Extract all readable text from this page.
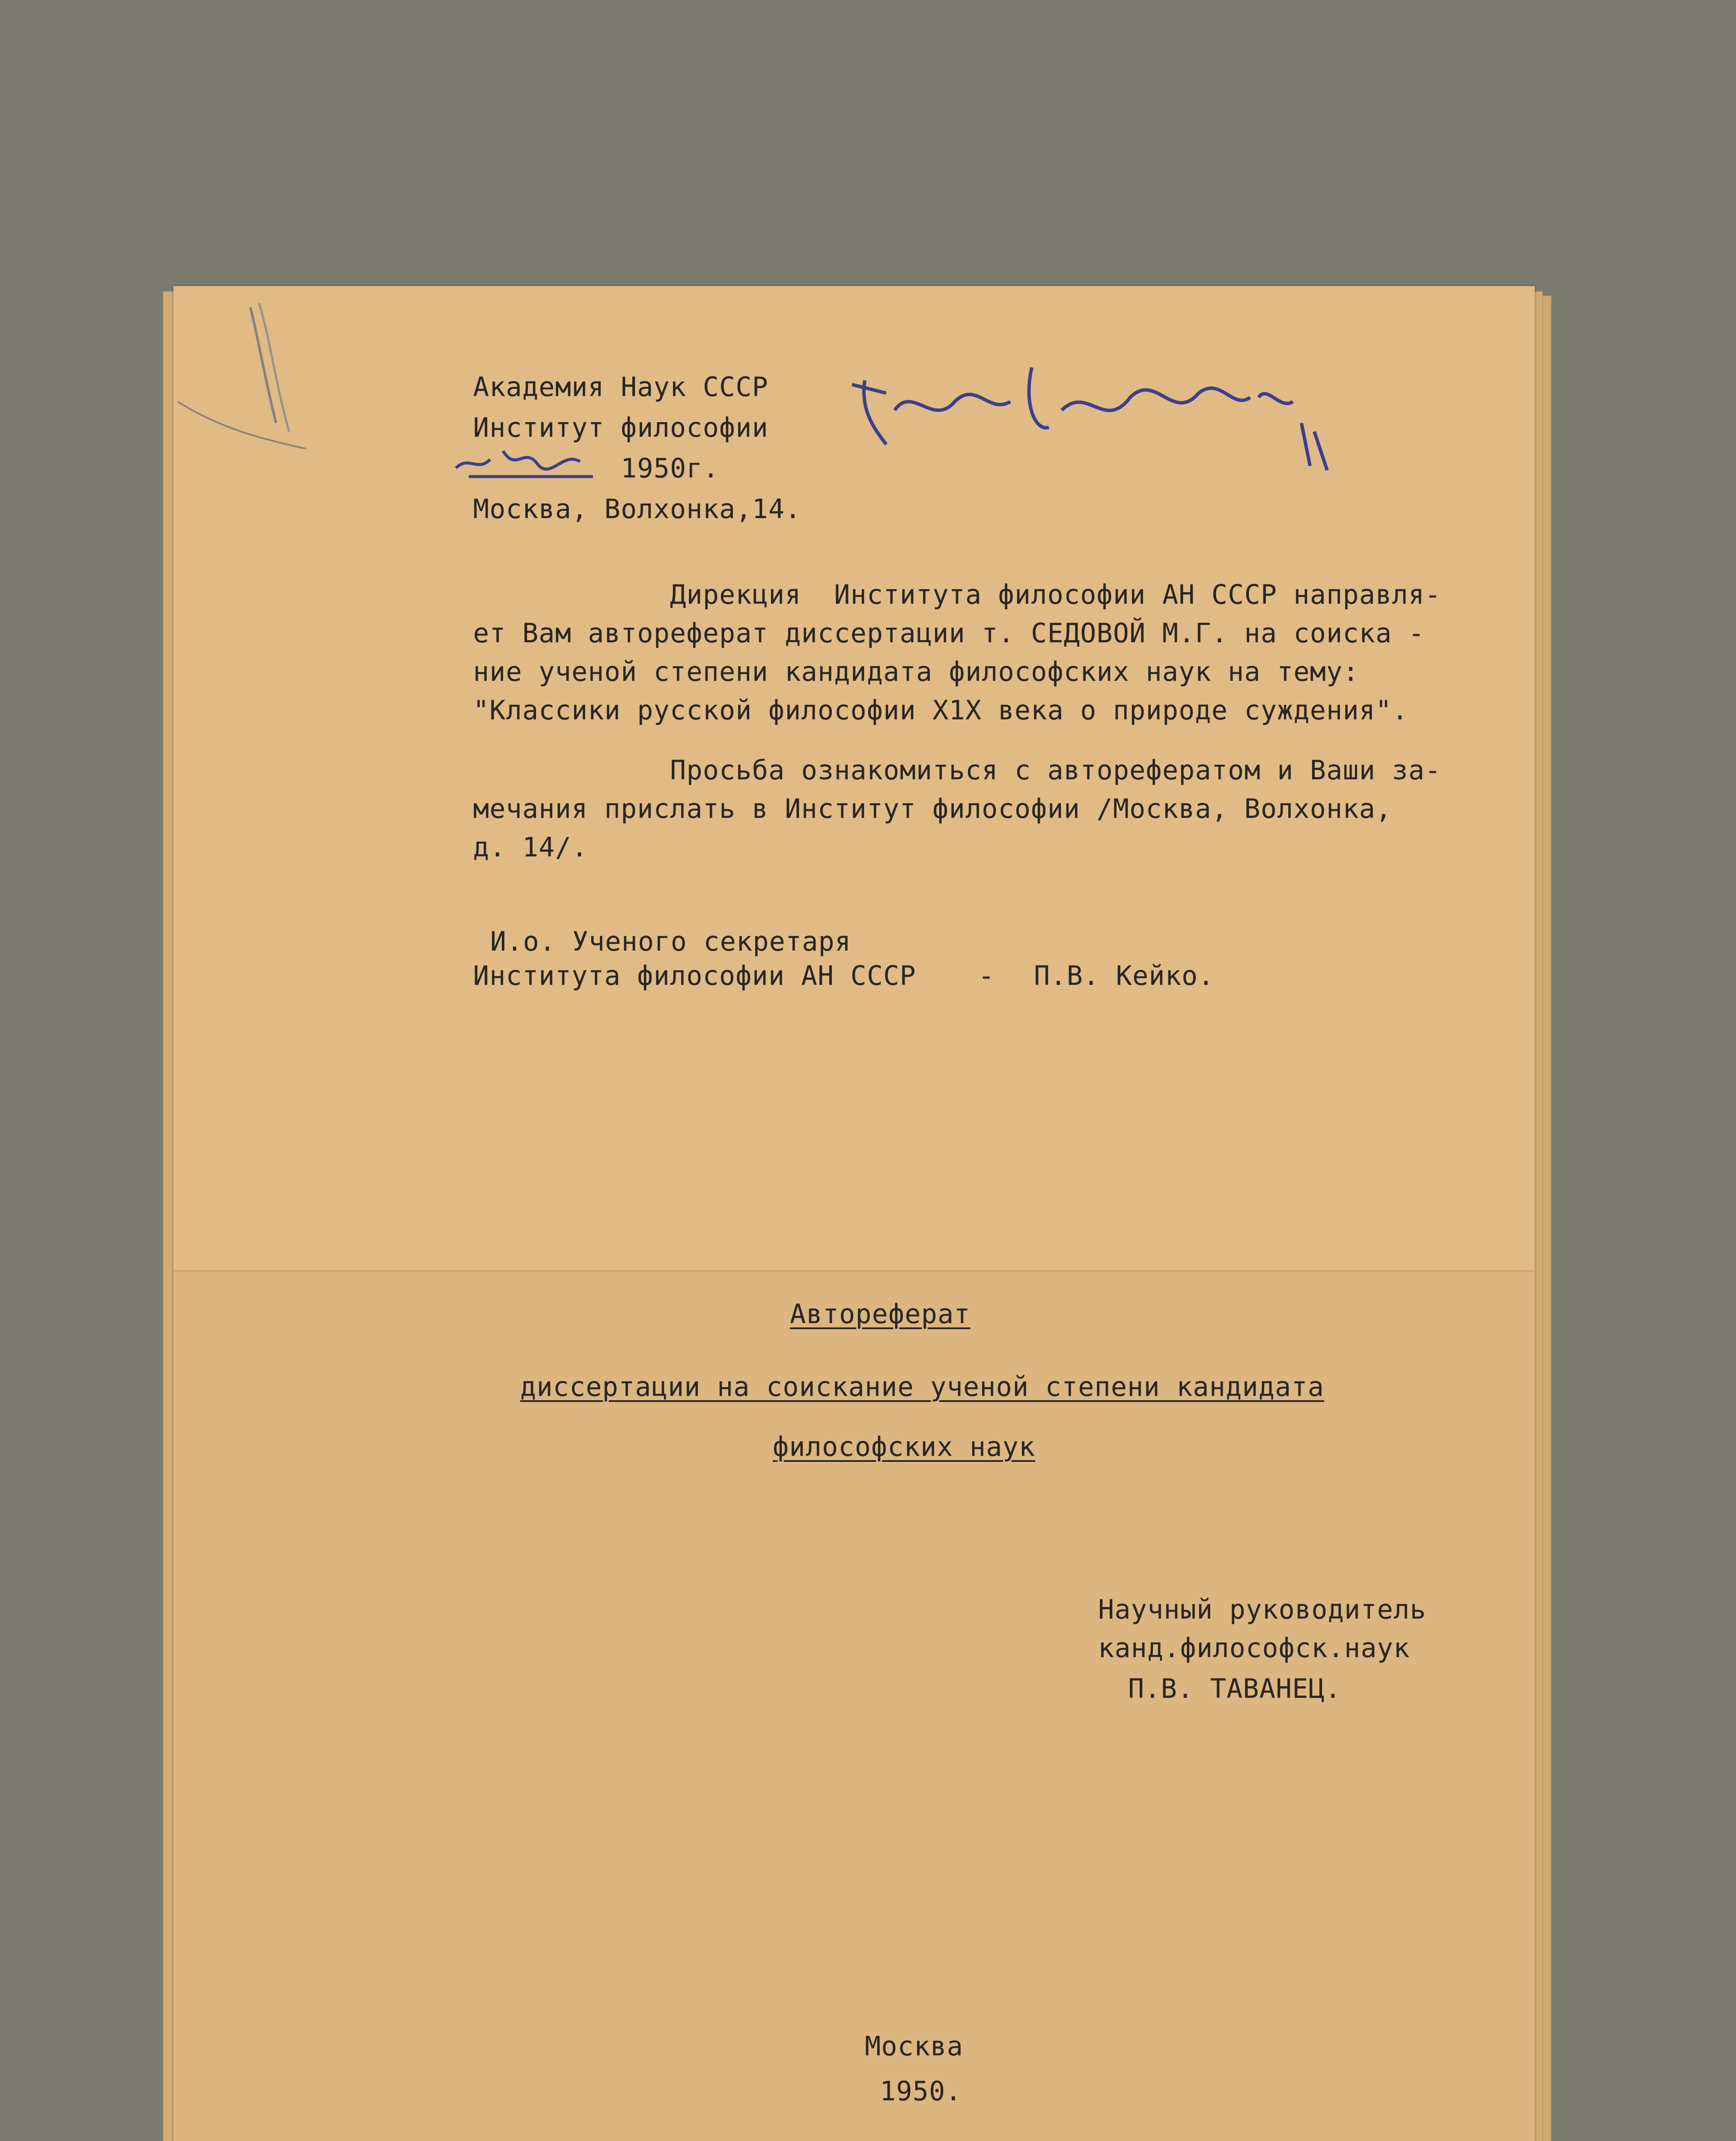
Академия Наук СССР
Институт философии
1950г.
Москва, Волхонка,14.
Дирекция  Института философии АН СССР направля-
ет Вам автореферат диссертации т. СЕДОВОЙ М.Г. на соиска -
ние ученой степени кандидата философских наук на тему:
"Классики русской философии X1X века о природе суждения".
Просьба ознакомиться с авторефератом и Ваши за-
мечания прислать в Институт философии /Москва, Волхонка,
д. 14/.
И.о. Ученого секретаря
Института философии АН СССР - П.В. Кейко.
Автореферат
диссертации на соискание ученой степени кандидата
философских наук
Научный руководитель
канд.философск.наук
П.В. ТАВАНЕЦ.
Москва
1950.
